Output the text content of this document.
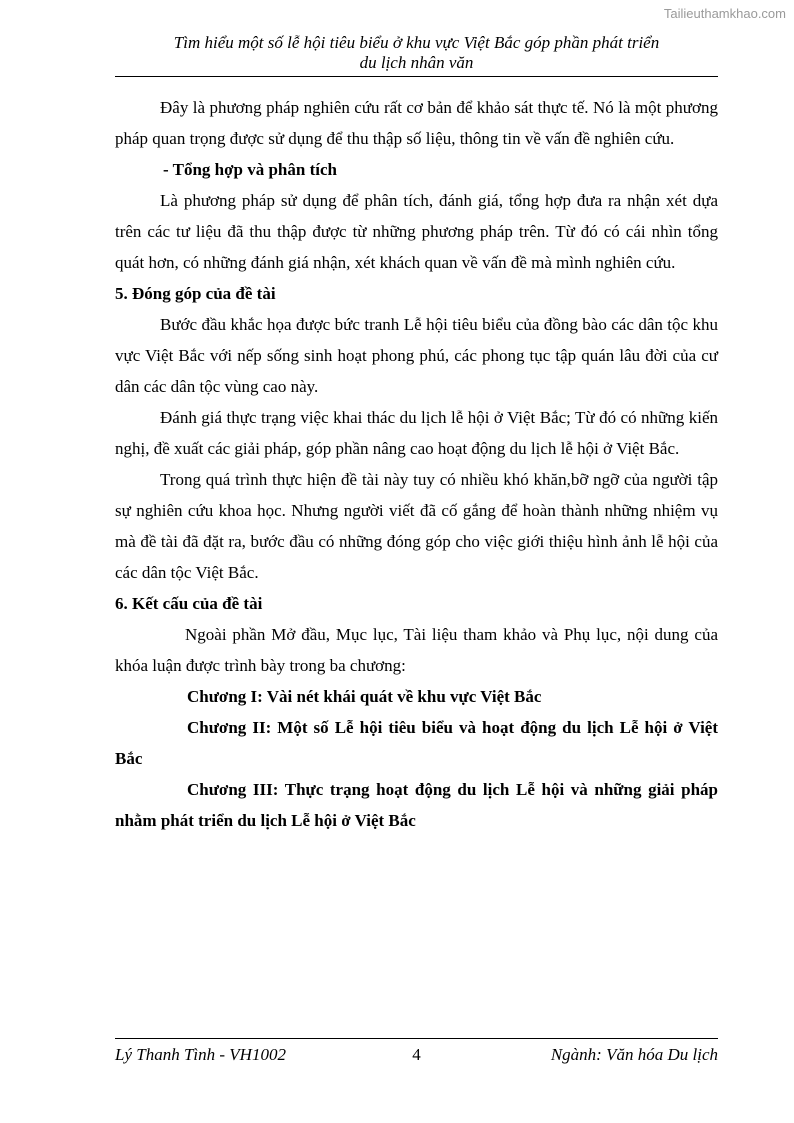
Tailieuthamkhao.com
Tìm hiểu một số lễ hội tiêu biểu ở khu vực Việt Bắc góp phần phát triển
du lịch nhân văn

Đây là phương pháp nghiên cứu rất cơ bản để khảo sát thực tế. Nó là một phương pháp quan trọng được sử dụng để thu thập số liệu, thông tin về vấn đề nghiên cứu.

- Tổng hợp và phân tích

Là phương pháp sử dụng để phân tích, đánh giá, tổng hợp đưa ra nhận xét dựa trên các tư liệu đã thu thập được từ những phương pháp trên. Từ đó có cái nhìn tổng quát hơn, có những đánh giá nhận, xét khách quan về vấn đề mà mình nghiên cứu.

5. Đóng góp của đề tài

Bước đầu khắc họa được bức tranh Lễ hội tiêu biểu của đồng bào các dân tộc khu vực Việt Bắc với nếp sống sinh hoạt phong phú, các phong tục tập quán lâu đời của cư dân các dân tộc vùng cao này.

Đánh giá thực trạng việc khai thác du lịch lễ hội ở Việt Bắc; Từ đó có những kiến nghị, đề xuất các giải pháp, góp phần nâng cao hoạt động du lịch lễ hội ở Việt Bắc.

Trong quá trình thực hiện đề tài này tuy có nhiều khó khăn,bỡ ngỡ của người tập sự nghiên cứu khoa học. Nhưng người viết đã cố gắng để hoàn thành những nhiệm vụ mà đề tài đã đặt ra, bước đầu có những đóng góp cho việc giới thiệu hình ảnh lễ hội của các dân tộc Việt Bắc.

6. Kết cấu của đề tài

Ngoài phần Mở đầu, Mục lục, Tài liệu tham khảo và Phụ lục, nội dung của khóa luận được trình bày trong ba chương:

Chương I: Vài nét khái quát về khu vực Việt Bắc

Chương II: Một số Lễ hội tiêu biểu và hoạt động du lịch Lễ hội ở Việt Bắc

Chương III: Thực trạng hoạt động du lịch Lễ hội và những giải pháp nhằm phát triển du lịch Lễ hội ở Việt Bắc

Lý Thanh Tình - VH1002	4	Ngành: Văn hóa Du lịch
